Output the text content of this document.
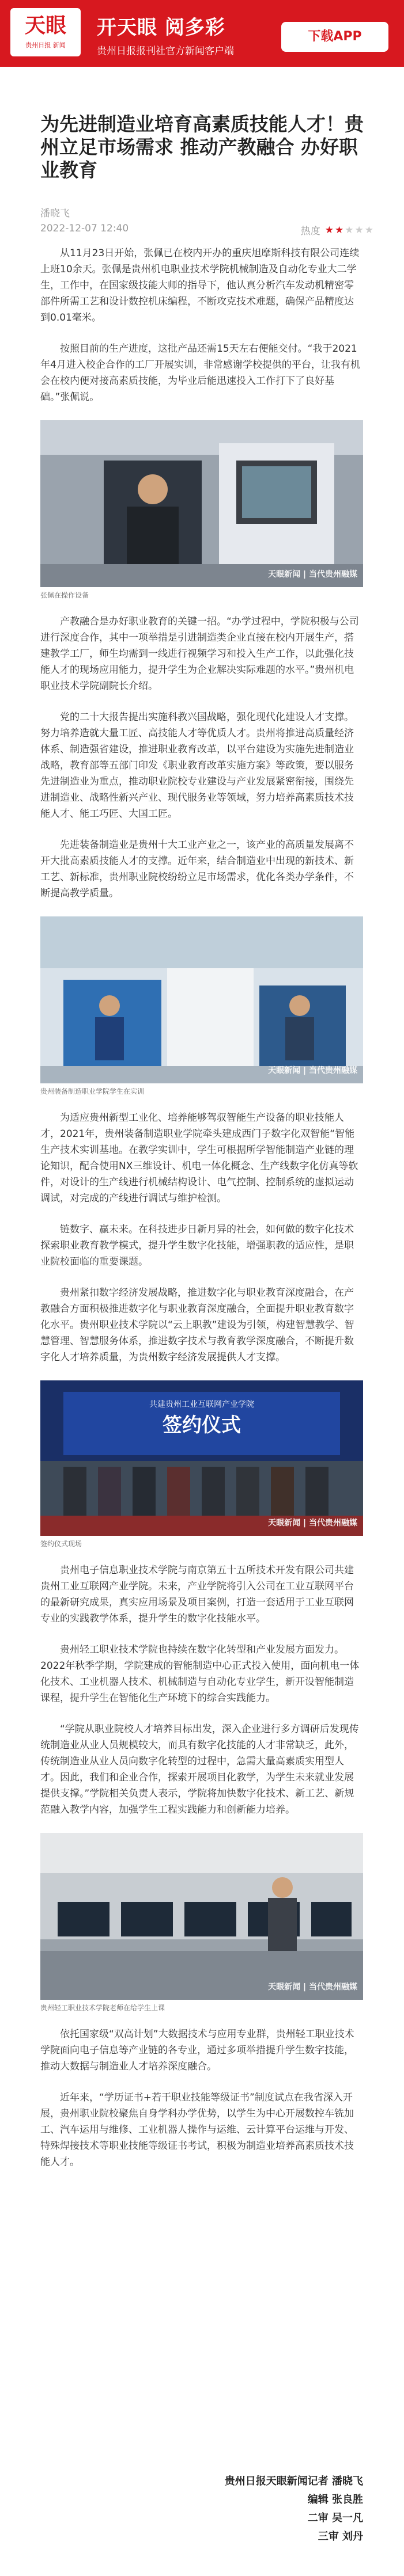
天眼
贵州日报 新闻
开天眼 阅多彩
贵州日报报刊社官方新闻客户端
下载APP
为先进制造业培育高素质技能人才！贵州立足市场需求 推动产教融合 办好职业教育
潘晓飞
2022-12-07 12:40	热度 ★★★★★

从11月23日开始，张佩已在校内开办的重庆旭摩斯科技有限公司连续上班10余天。张佩是贵州机电职业技术学院机械制造及自动化专业大二学生，工作中，在国家级技能大师的指导下，他认真分析汽车发动机精密零部件所需工艺和设计数控机床编程，不断攻克技术难题，确保产品精度达到0.01毫米。

按照目前的生产进度，这批产品还需15天左右便能交付。“我于2021年4月进入校企合作的工厂开展实训，非常感谢学校提供的平台，让我有机会在校内便对接高素质技能，为毕业后能迅速投入工作打下了良好基础。”张佩说。

天眼新闻 | 当代贵州融媒
张佩在操作设备

产教融合是办好职业教育的关键一招。“办学过程中，学院积极与公司进行深度合作，其中一项举措是引进制造类企业直接在校内开展生产，搭建教学工厂，师生均需到一线进行视频学习和投入生产工作，以此强化技能人才的现场应用能力，提升学生为企业解决实际难题的水平。”贵州机电职业技术学院副院长介绍。

党的二十大报告提出实施科教兴国战略，强化现代化建设人才支撑。努力培养造就大量工匠、高技能人才等优质人才。贵州将推进高质量经济体系、制造强省建设，推进职业教育改革，以平台建设为实施先进制造业战略，教育部等五部门印发《职业教育改革实施方案》等政策，要以服务先进制造业为重点，推动职业院校专业建设与产业发展紧密衔接，围绕先进制造业、战略性新兴产业、现代服务业等领域，努力培养高素质技术技能人才、能工巧匠、大国工匠。

先进装备制造业是贵州十大工业产业之一，该产业的高质量发展离不开大批高素质技能人才的支撑。近年来，结合制造业中出现的新技术、新工艺、新标准，贵州职业院校纷纷立足市场需求，优化各类办学条件，不断提高教学质量。

天眼新闻 | 当代贵州融媒
贵州装备制造职业学院学生在实训

为适应贵州新型工业化、培养能够驾驭智能生产设备的职业技能人才，2021年，贵州装备制造职业学院牵头建成西门子数字化双智能“智能生产技术实训基地。在教学实训中，学生可根据所学智能制造产业链的理论知识，配合使用NX三维设计、机电一体化概念、生产线数字化仿真等软件，对设计的生产线进行机械结构设计、电气控制、控制系统的虚拟运动调试，对完成的产线进行调试与维护检测。

链数字、赢未来。在科技进步日新月异的社会，如何做的数字化技术探索职业教育教学模式，提升学生数字化技能，增强职教的适应性，是职业院校面临的重要课题。

贵州紧扣数字经济发展战略，推进数字化与职业教育深度融合，在产教融合方面积极推进数字化与职业教育深度融合，全面提升职业教育数字化水平。贵州职业技术学院以“云上职教”建设为引领，构建智慧教学、智慧管理、智慧服务体系，推进数字技术与教育教学深度融合，不断提升数字化人才培养质量，为贵州数字经济发展提供人才支撑。

共建贵州工业互联网产业学院
签约仪式
天眼新闻 | 当代贵州融媒
签约仪式现场

贵州电子信息职业技术学院与南京第五十五所技术开发有限公司共建贵州工业互联网产业学院。未来，产业学院将引入公司在工业互联网平台的最新研究成果，真实应用场景及项目案例，打造一套适用于工业互联网专业的实践教学体系，提升学生的数字化技能水平。

贵州轻工职业技术学院也持续在数字化转型和产业发展方面发力。2022年秋季学期，学院建成的智能制造中心正式投入使用，面向机电一体化技术、工业机器人技术、机械制造与自动化专业学生，新开设智能制造课程，提升学生在智能化生产环境下的综合实践能力。

“学院从职业院校人才培养目标出发，深入企业进行多方调研后发现传统制造业从业人员规模较大，而具有数字化技能的人才非常缺乏，此外，传统制造业从业人员向数字化转型的过程中，急需大量高素质实用型人才。因此，我们和企业合作，探索开展项目化教学，为学生未来就业发展提供支撑。”学院相关负责人表示，学院将加快数字化技术、新工艺、新规范融入教学内容，加强学生工程实践能力和创新能力培养。

天眼新闻 | 当代贵州融媒
贵州轻工职业技术学院老师在给学生上课

依托国家级“双高计划”大数据技术与应用专业群，贵州轻工职业技术学院面向电子信息等产业链的各专业，通过多项举措提升学生数字技能，推动大数据与制造业人才培养深度融合。

近年来，“学历证书+若干职业技能等级证书”制度试点在我省深入开展，贵州职业院校聚焦自身学科办学优势，以学生为中心开展数控车铣加工、汽车运用与维修、工业机器人操作与运维、云计算平台运维与开发、特殊焊接技术等职业技能等级证书考试，积极为制造业培养高素质技术技能人才。

贵州日报天眼新闻记者 潘晓飞
编辑 张良胜
二审 吴一凡
三审 刘丹
